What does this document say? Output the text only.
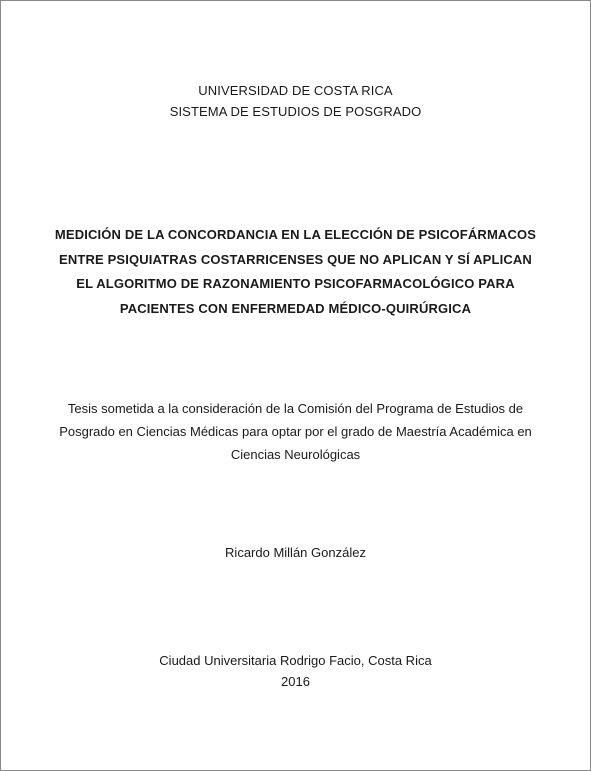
UNIVERSIDAD DE COSTA RICA
SISTEMA DE ESTUDIOS DE POSGRADO
MEDICIÓN DE LA CONCORDANCIA EN LA ELECCIÓN DE PSICOFÁRMACOS
ENTRE PSIQUIATRAS COSTARRICENSES QUE NO APLICAN Y SÍ APLICAN
EL ALGORITMO DE RAZONAMIENTO PSICOFARMACOLÓGICO PARA
PACIENTES CON ENFERMEDAD MÉDICO-QUIRÚRGICA
Tesis sometida a la consideración de la Comisión del Programa de Estudios de
Posgrado en Ciencias Médicas para optar por el grado de Maestría Académica en
Ciencias Neurológicas
Ricardo Millán González
Ciudad Universitaria Rodrigo Facio, Costa Rica
2016
